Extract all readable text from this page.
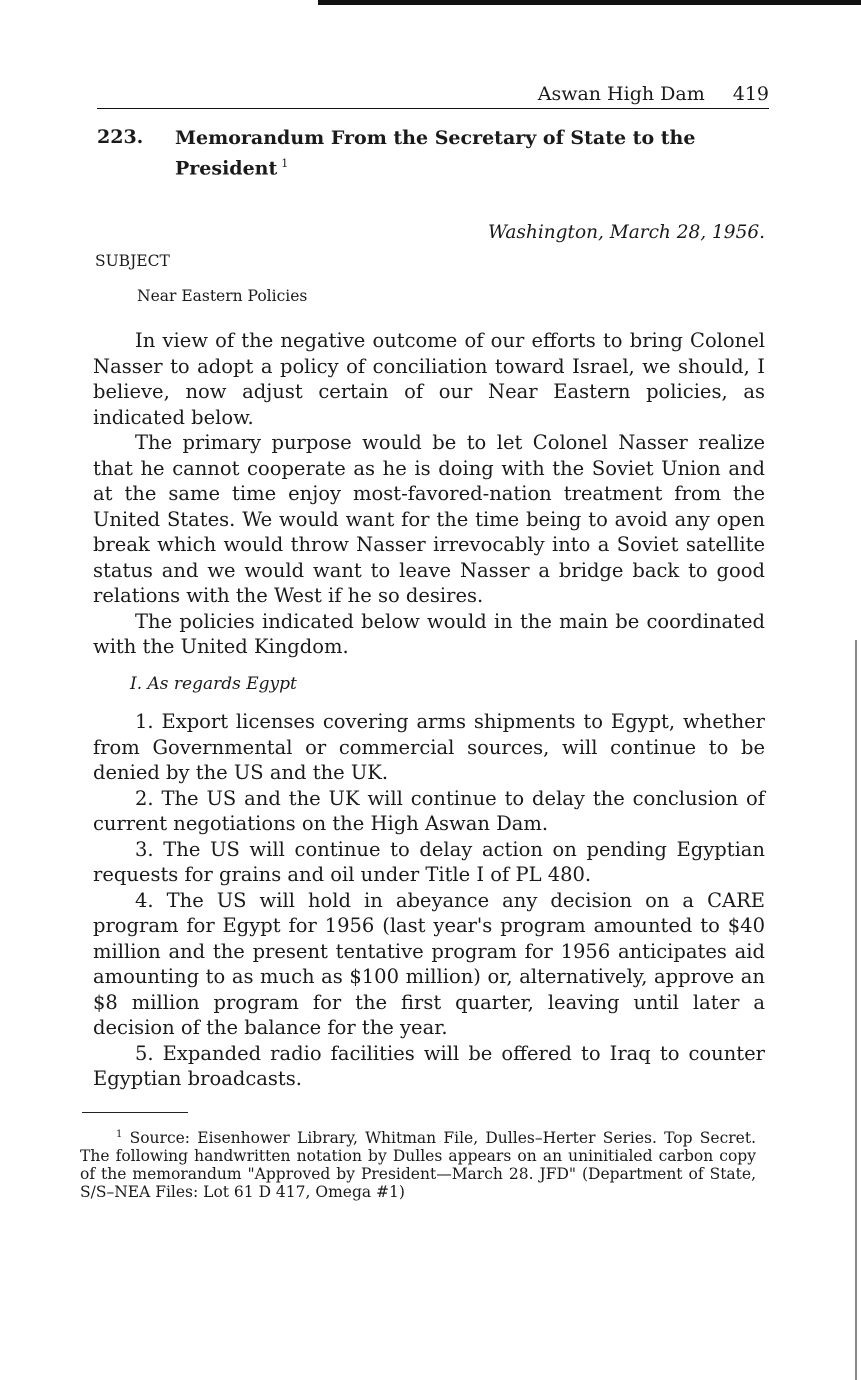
Aswan High Dam 419
223. Memorandum From the Secretary of State to the President $^1$
Washington, March 28, 1956.
SUBJECT
Near Eastern Policies

In view of the negative outcome of our efforts to bring Colonel Nasser to adopt a policy of conciliation toward Israel, we should, I believe, now adjust certain of our Near Eastern policies, as indicated below.

The primary purpose would be to let Colonel Nasser realize that he cannot cooperate as he is doing with the Soviet Union and at the same time enjoy most-favored-nation treatment from the United States. We would want for the time being to avoid any open break which would throw Nasser irrevocably into a Soviet satellite status and we would want to leave Nasser a bridge back to good relations with the West if he so desires.

The policies indicated below would in the main be coordinated with the United Kingdom.

I. As regards Egypt

1. Export licenses covering arms shipments to Egypt, whether from Governmental or commercial sources, will continue to be denied by the US and the UK.

2. The US and the UK will continue to delay the conclusion of current negotiations on the High Aswan Dam.

3. The US will continue to delay action on pending Egyptian requests for grains and oil under Title I of PL 480.

4. The US will hold in abeyance any decision on a CARE program for Egypt for 1956 (last year's program amounted to $40 million and the present tentative program for 1956 anticipates aid amounting to as much as $100 million) or, alternatively, approve an $8 million program for the first quarter, leaving until later a decision of the balance for the year.

5. Expanded radio facilities will be offered to Iraq to counter Egyptian broadcasts.

$^1$ Source: Eisenhower Library, Whitman File, Dulles–Herter Series. Top Secret. The following handwritten notation by Dulles appears on an uninitialed carbon copy of the memorandum "Approved by President—March 28. JFD" (Department of State, S/S–NEA Files: Lot 61 D 417, Omega #1)
